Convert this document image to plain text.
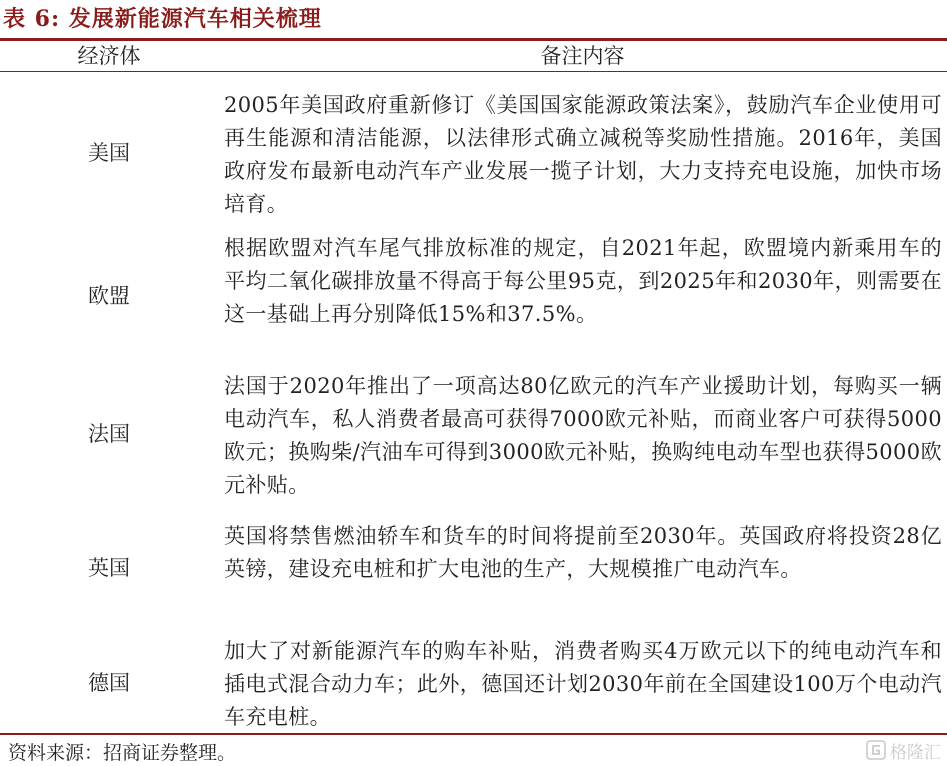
表 6: 发展新能源汽车相关梳理
经济体	备注内容
美国
2005年美国政府重新修订《美国国家能源政策法案》，鼓励汽车企业使用可再生能源和清洁能源，以法律形式确立减税等奖励性措施。2016年，美国政府发布最新电动汽车产业发展一揽子计划，大力支持充电设施，加快市场培育。
欧盟
根据欧盟对汽车尾气排放标准的规定，自2021年起，欧盟境内新乘用车的平均二氧化碳排放量不得高于每公里95克，到2025年和2030年，则需要在这一基础上再分别降低15%和37.5%。
法国
法国于2020年推出了一项高达80亿欧元的汽车产业援助计划，每购买一辆电动汽车，私人消费者最高可获得7000欧元补贴，而商业客户可获得5000欧元；换购柴/汽油车可得到3000欧元补贴，换购纯电动车型也获得5000欧元补贴。
英国
英国将禁售燃油轿车和货车的时间将提前至2030年。英国政府将投资28亿英镑，建设充电桩和扩大电池的生产，大规模推广电动汽车。
德国
加大了对新能源汽车的购车补贴，消费者购买4万欧元以下的纯电动汽车和插电式混合动力车；此外，德国还计划2030年前在全国建设100万个电动汽车充电桩。
资料来源：招商证券整理。	格隆汇
